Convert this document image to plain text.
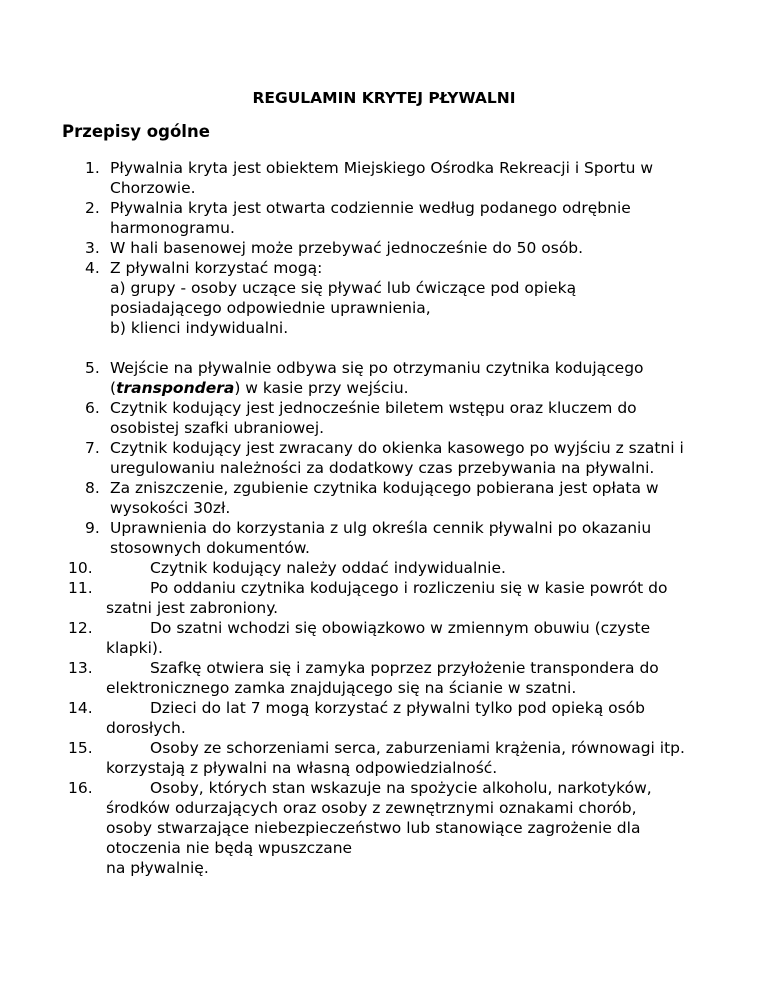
REGULAMIN KRYTEJ PŁYWALNI
Przepisy ogólne
1. Pływalnia kryta jest obiektem Miejskiego Ośrodka Rekreacji i Sportu w
Chorzowie.
2. Pływalnia kryta jest otwarta codziennie według podanego odrębnie
harmonogramu.
3. W hali basenowej może przebywać jednocześnie do 50 osób.
4. Z pływalni korzystać mogą:
a) grupy - osoby uczące się pływać lub ćwiczące pod opieką
posiadającego odpowiednie uprawnienia,
b) klienci indywidualni.
5. Wejście na pływalnie odbywa się po otrzymaniu czytnika kodującego
(transpondera) w kasie przy wejściu.
6. Czytnik kodujący jest jednocześnie biletem wstępu oraz kluczem do
osobistej szafki ubraniowej.
7. Czytnik kodujący jest zwracany do okienka kasowego po wyjściu z szatni i
uregulowaniu należności za dodatkowy czas przebywania na pływalni.
8. Za zniszczenie, zgubienie czytnika kodującego pobierana jest opłata w
wysokości 30zł.
9. Uprawnienia do korzystania z ulg określa cennik pływalni po okazaniu
stosownych dokumentów.
10.	Czytnik kodujący należy oddać indywidualnie.
11.	Po oddaniu czytnika kodującego i rozliczeniu się w kasie powrót do
szatni jest zabroniony.
12.	Do szatni wchodzi się obowiązkowo w zmiennym obuwiu (czyste
klapki).
13.	Szafkę otwiera się i zamyka poprzez przyłożenie transpondera do
elektronicznego zamka znajdującego się na ścianie w szatni.
14.	Dzieci do lat 7 mogą korzystać z pływalni tylko pod opieką osób
dorosłych.
15.	Osoby ze schorzeniami serca, zaburzeniami krążenia, równowagi itp.
korzystają z pływalni na własną odpowiedzialność.
16.	Osoby, których stan wskazuje na spożycie alkoholu, narkotyków,
środków odurzających oraz osoby z zewnętrznymi oznakami chorób,
osoby stwarzające niebezpieczeństwo lub stanowiące zagrożenie dla
otoczenia nie będą wpuszczane
na pływalnię.
